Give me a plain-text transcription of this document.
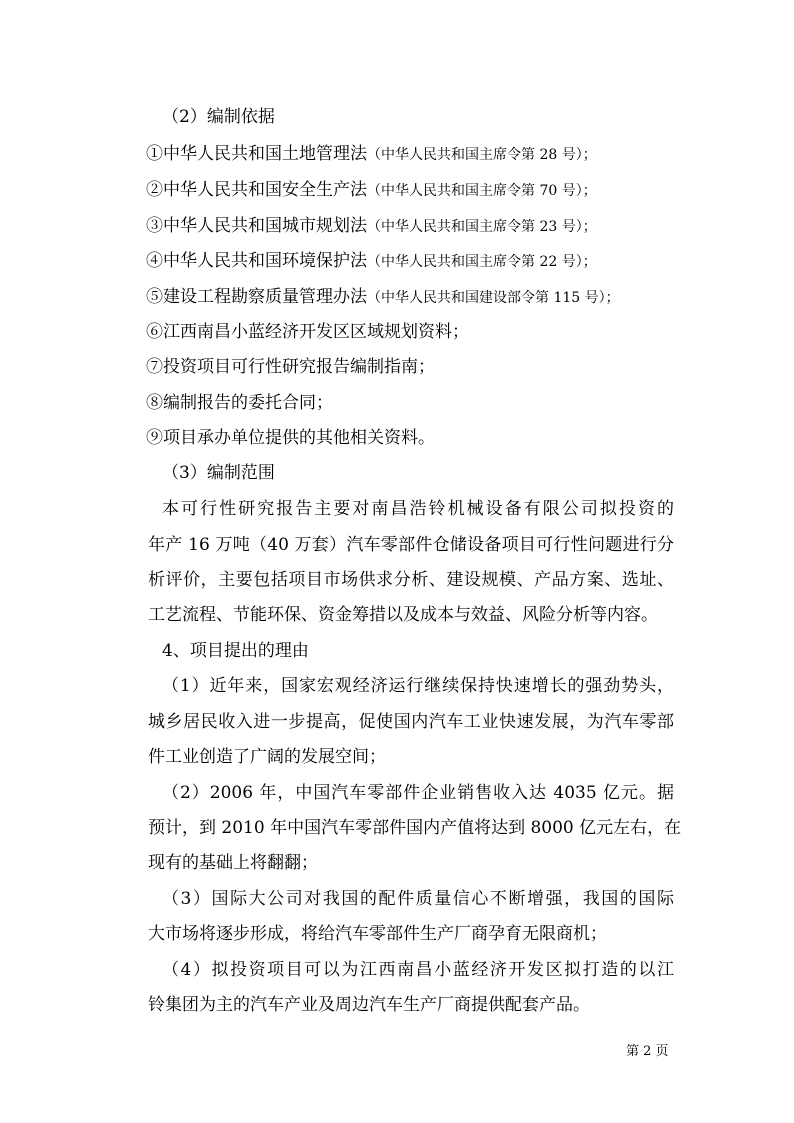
（2）编制依据
①中华人民共和国土地管理法（中华人民共和国主席令第 28 号）；
②中华人民共和国安全生产法（中华人民共和国主席令第 70 号）；
③中华人民共和国城市规划法（中华人民共和国主席令第 23 号）；
④中华人民共和国环境保护法（中华人民共和国主席令第 22 号）；
⑤建设工程勘察质量管理办法（中华人民共和国建设部令第 115 号）；
⑥江西南昌小蓝经济开发区区域规划资料；
⑦投资项目可行性研究报告编制指南；
⑧编制报告的委托合同；
⑨项目承办单位提供的其他相关资料。
（3）编制范围
本可行性研究报告主要对南昌浩铃机械设备有限公司拟投资的
年产 16 万吨（40 万套）汽车零部件仓储设备项目可行性问题进行分
析评价，主要包括项目市场供求分析、建设规模、产品方案、选址、
工艺流程、节能环保、资金筹措以及成本与效益、风险分析等内容。
4、项目提出的理由
（1）近年来，国家宏观经济运行继续保持快速增长的强劲势头，
城乡居民收入进一步提高，促使国内汽车工业快速发展，为汽车零部
件工业创造了广阔的发展空间；
（2）2006 年，中国汽车零部件企业销售收入达 4035 亿元。据
预计，到 2010 年中国汽车零部件国内产值将达到 8000 亿元左右，在
现有的基础上将翻翻；
（3）国际大公司对我国的配件质量信心不断增强，我国的国际
大市场将逐步形成，将给汽车零部件生产厂商孕育无限商机；
（4）拟投资项目可以为江西南昌小蓝经济开发区拟打造的以江
铃集团为主的汽车产业及周边汽车生产厂商提供配套产品。
第 2 页
